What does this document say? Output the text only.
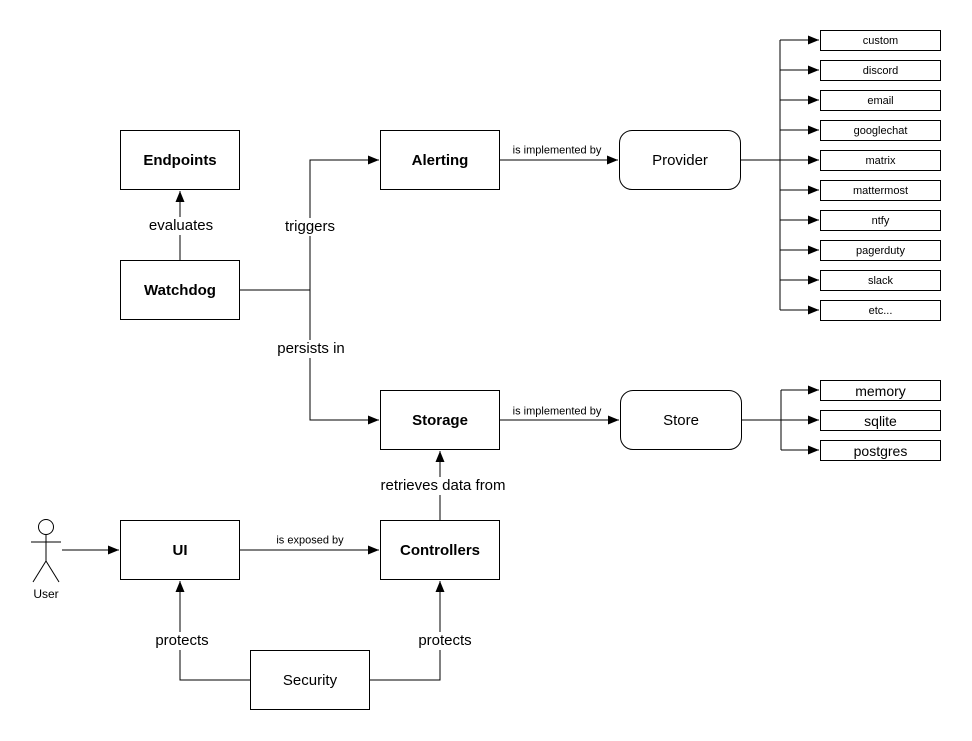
Endpoints
Watchdog
Alerting	Provider
Storage	Store
UI	Controllers
Security
custom
discord
email
googlechat
matrix
mattermost
ntfy
pagerduty
slack
etc...
memory
sqlite
postgres
evaluates	triggers
persists in
is implemented by
is implemented by
retrieves data from
is exposed by
protects	protects
User
